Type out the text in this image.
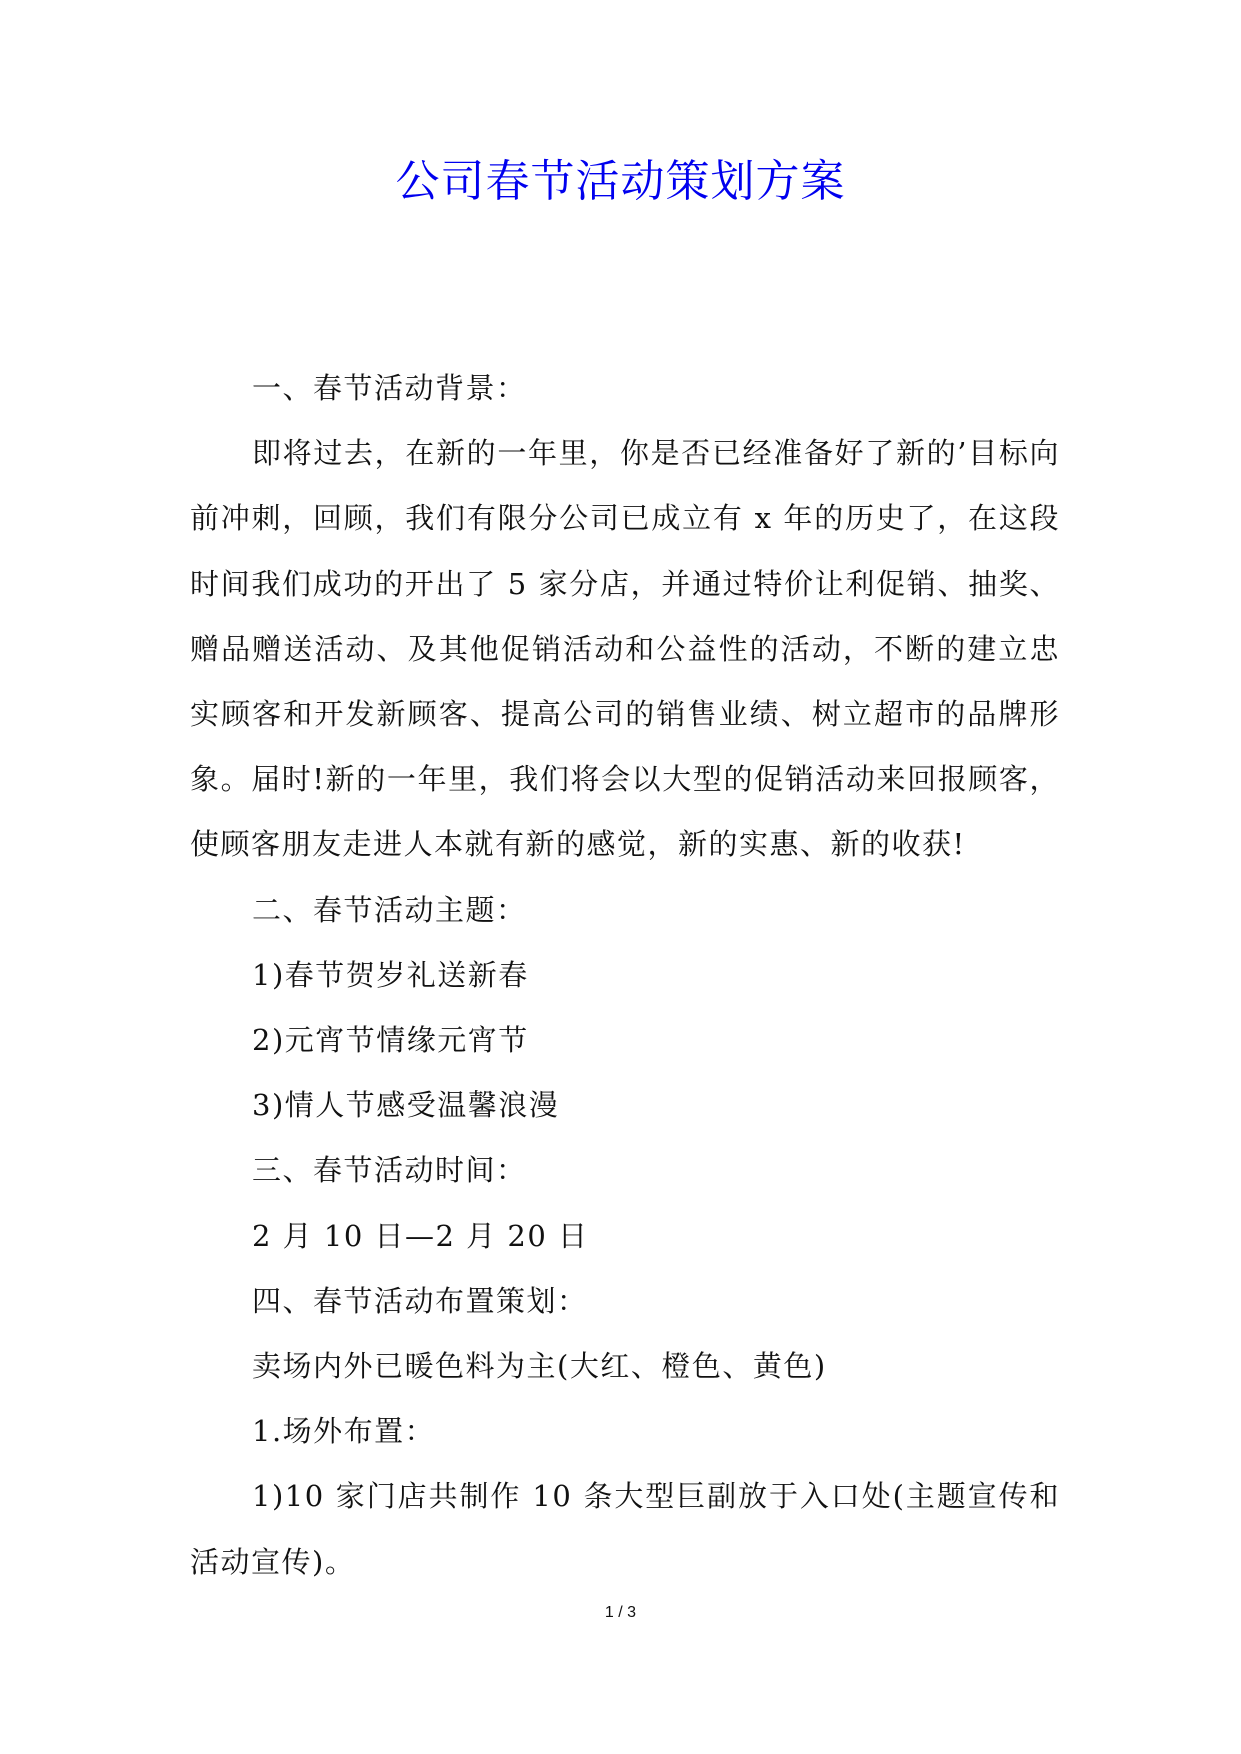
公司春节活动策划方案

一、春节活动背景：

即将过去，在新的一年里，你是否已经准备好了新的’目标向前冲刺，回顾，我们有限分公司已成立有 x 年的历史了，在这段时间我们成功的开出了 5 家分店，并通过特价让利促销、抽奖、赠品赠送活动、及其他促销活动和公益性的活动，不断的建立忠实顾客和开发新顾客、提高公司的销售业绩、树立超市的品牌形象。届时!新的一年里，我们将会以大型的促销活动来回报顾客，使顾客朋友走进人本就有新的感觉，新的实惠、新的收获!

二、春节活动主题：

1)春节贺岁礼送新春

2)元宵节情缘元宵节

3)情人节感受温馨浪漫

三、春节活动时间：

2 月 10 日—2 月 20 日

四、春节活动布置策划：

卖场内外已暖色料为主(大红、橙色、黄色)

1.场外布置：

1)10 家门店共制作 10 条大型巨副放于入口处(主题宣传和活动宣传)。

1 / 3
